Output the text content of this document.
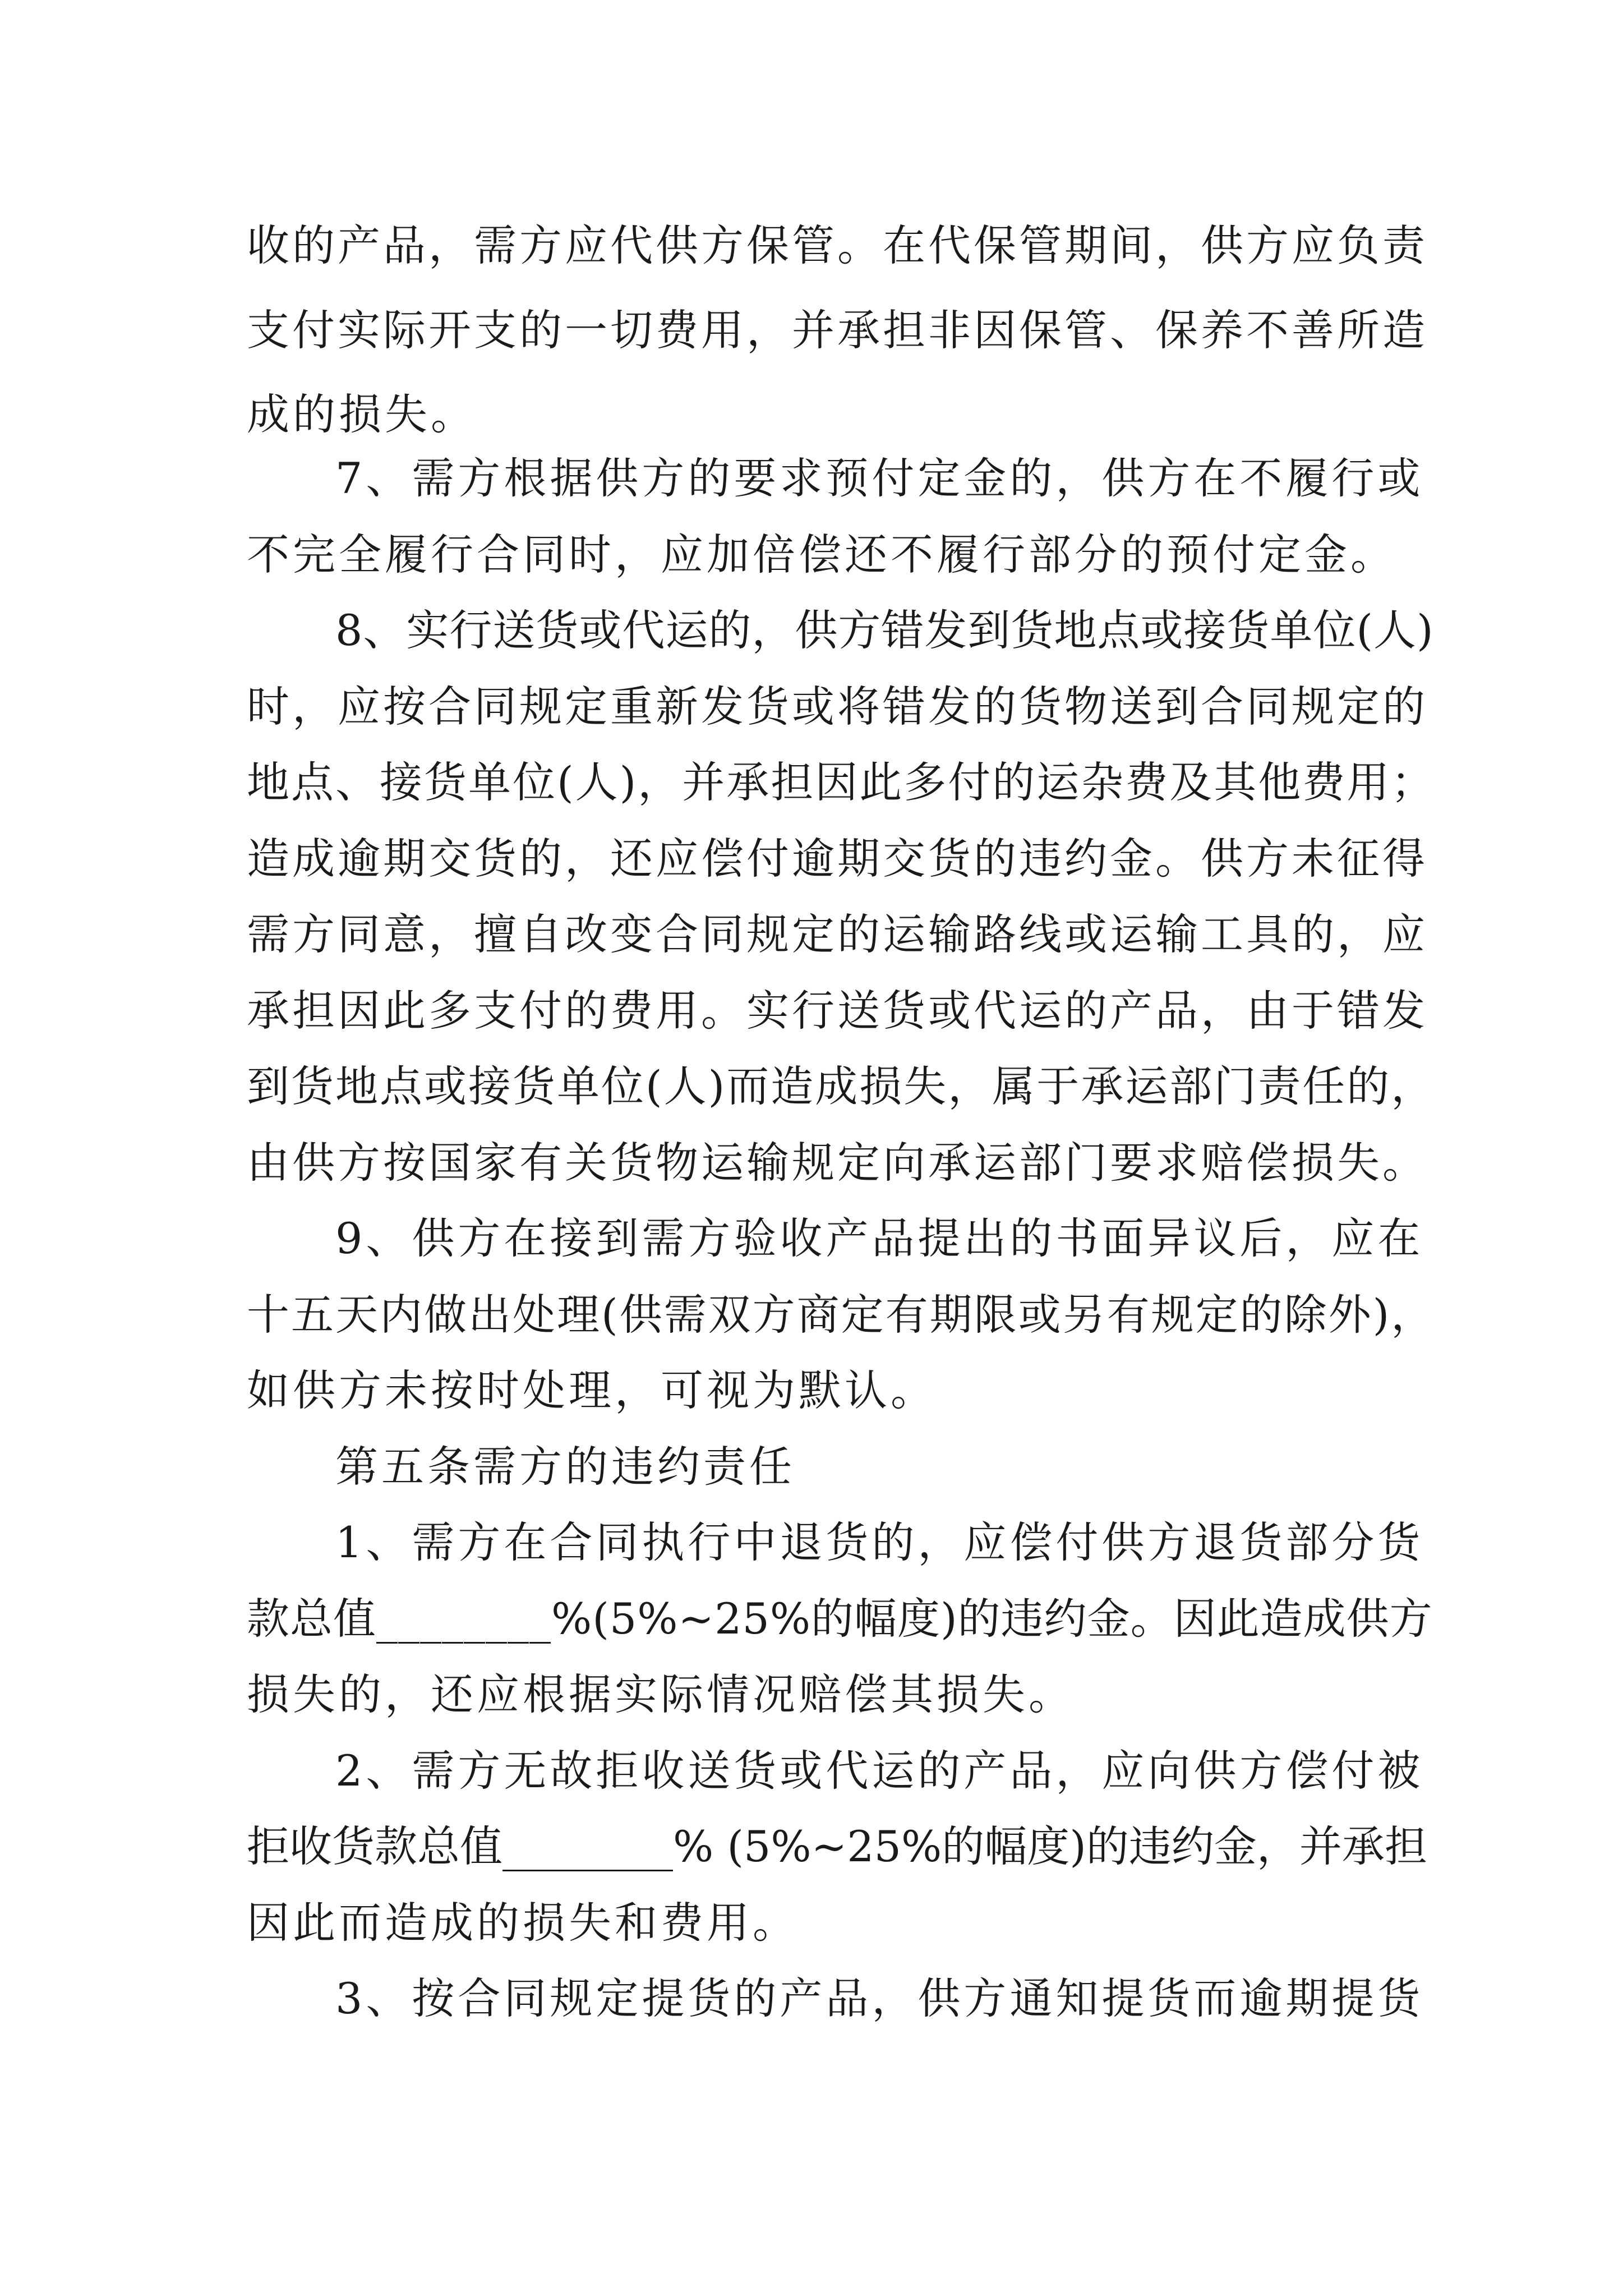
收的产品，需方应代供方保管。在代保管期间，供方应负责
支付实际开支的一切费用，并承担非因保管、保养不善所造
成的损失。
7、需方根据供方的要求预付定金的，供方在不履行或
不完全履行合同时，应加倍偿还不履行部分的预付定金。
8、实行送货或代运的，供方错发到货地点或接货单位(人)
时，应按合同规定重新发货或将错发的货物送到合同规定的
地点、接货单位(人)，并承担因此多付的运杂费及其他费用；
造成逾期交货的，还应偿付逾期交货的违约金。供方未征得
需方同意，擅自改变合同规定的运输路线或运输工具的，应
承担因此多支付的费用。实行送货或代运的产品，由于错发
到货地点或接货单位(人)而造成损失，属于承运部门责任的，
由供方按国家有关货物运输规定向承运部门要求赔偿损失。
9、供方在接到需方验收产品提出的书面异议后，应在
十五天内做出处理(供需双方商定有期限或另有规定的除外)，
如供方未按时处理，可视为默认。
第五条需方的违约责任
1、需方在合同执行中退货的，应偿付供方退货部分货
款总值________%(5%~25%的幅度)的违约金。因此造成供方
损失的，还应根据实际情况赔偿其损失。
2、需方无故拒收送货或代运的产品，应向供方偿付被
拒收货款总值________% (5%~25%的幅度)的违约金，并承担
因此而造成的损失和费用。
3、按合同规定提货的产品，供方通知提货而逾期提货
